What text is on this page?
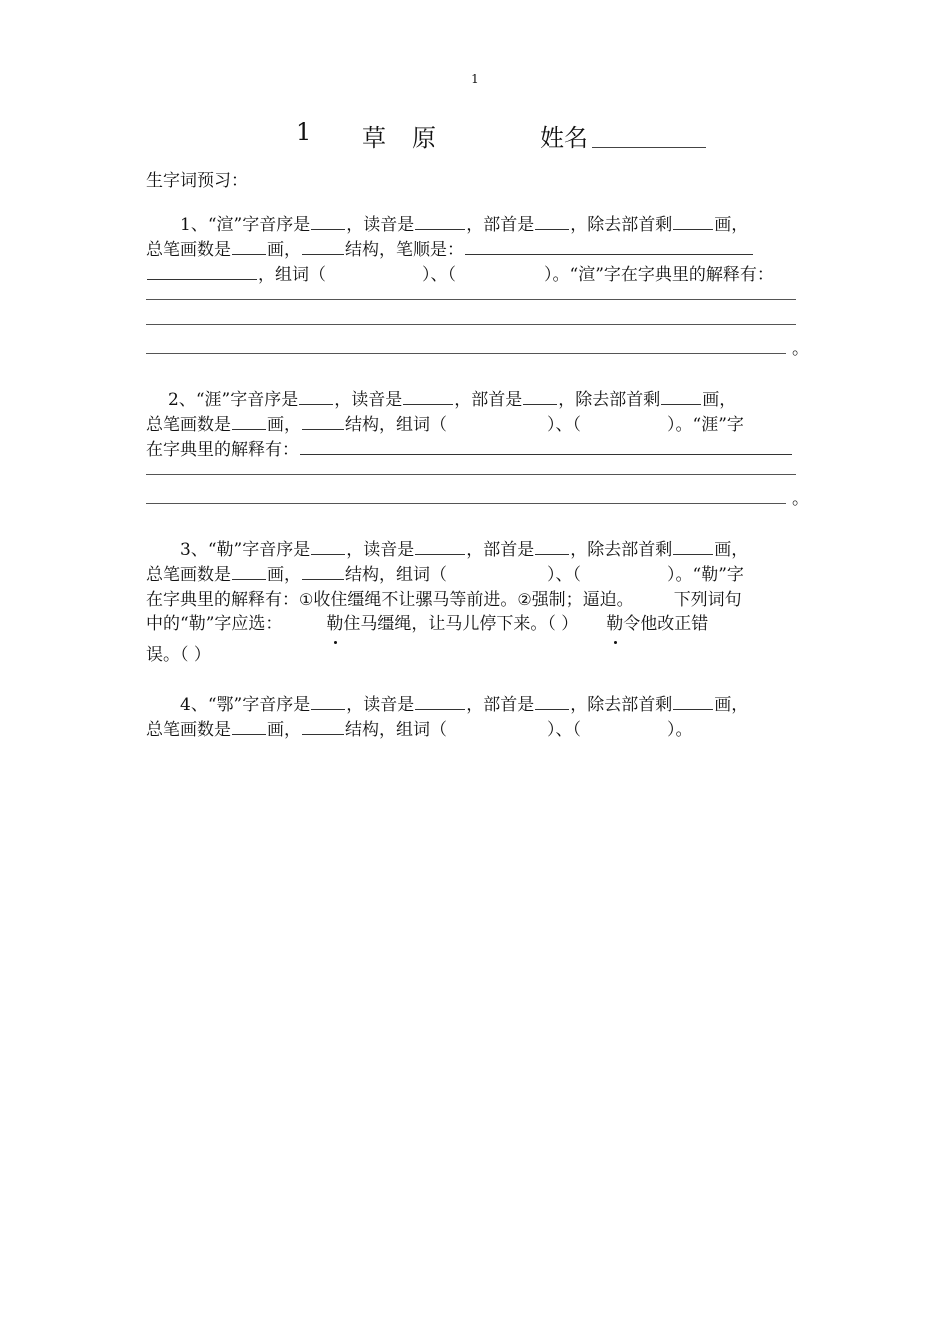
1
1 草 原	姓名
生字词预习：
1、“渲”字音序是 ，读音是	，部首是 ，除去部首剩 画，
总笔画数是 画，	结构，笔顺是：
，组词（	）、（	）。“渲”字在字典里的解释有：
。
2、“涯”字音序是 ，读音是	，部首是 ，除去部首剩 画，
总笔画数是 画，	结构，组词（	）、（	）。“涯”字
在字典里的解释有：
。
3、“勒”字音序是 ，读音是	，部首是 ，除去部首剩 画，
总笔画数是 画，	结构，组词（	）、（	）。“勒”字
在字典里的解释有：①收住缰绳不让骡马等前进。②强制；逼迫。 下列词句
中的“勒”字应选：	勒住马缰绳，让马儿停下来。（ ） 勒令他改正错
误。（ ）
4、“鄂”字音序是 ，读音是	，部首是 ，除去部首剩 画，
总笔画数是 画，	结构，组词（	）、（	）。
